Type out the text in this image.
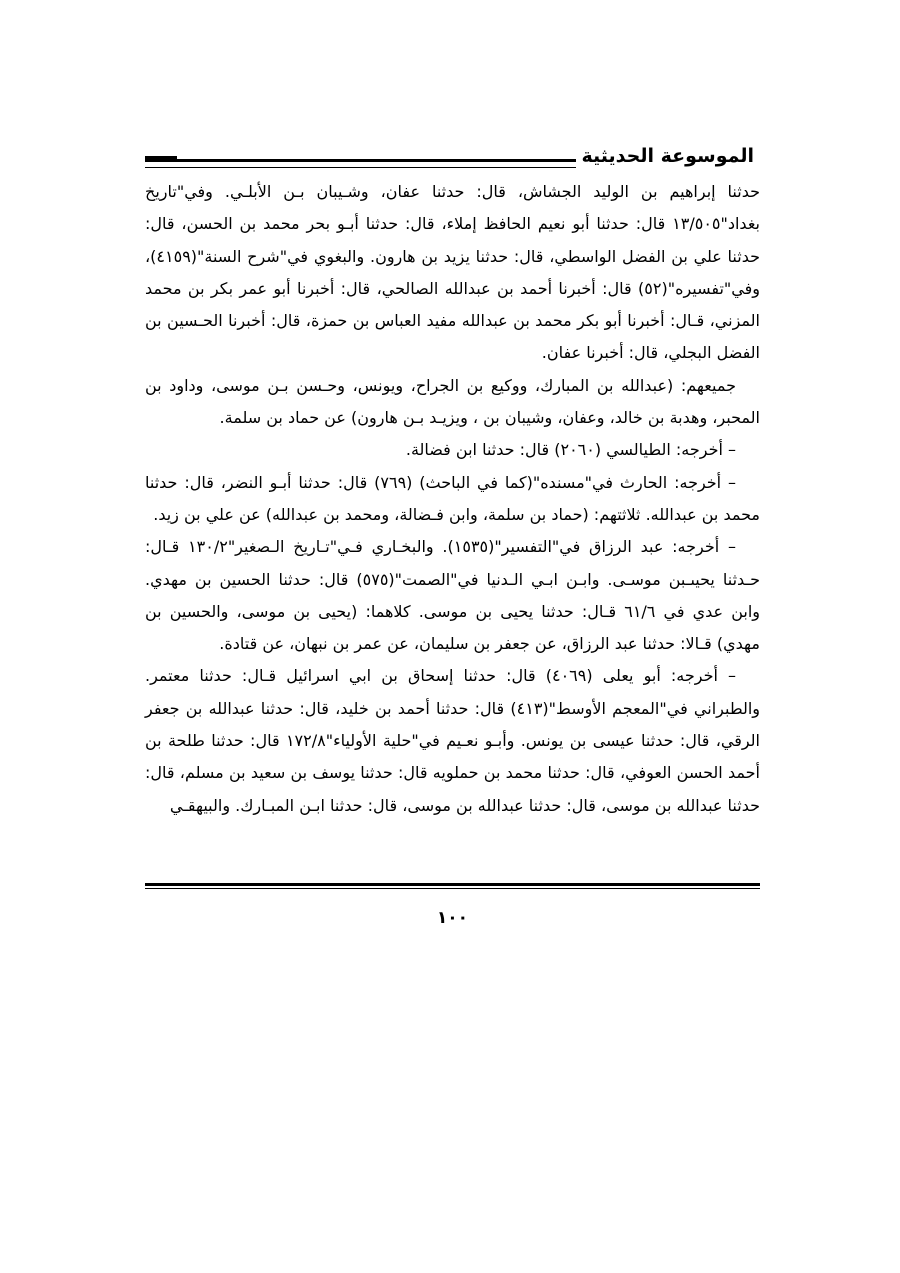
الموسوعة الحديثية

حدثنا إبراهيم بن الوليد الجشاش، قال: حدثنا عفان، وشـيبان بـن الأبلـي. وفي"تاريخ بغداد"١٣/٥٠٥ قال: حدثنا أبو نعيم الحافظ إملاء، قال: حدثنا أبـو بحر محمد بن الحسن، قال: حدثنا علي بن الفضل الواسطي، قال: حدثنا يزيد بن هارون. والبغوي في"شرح السنة"(٤١٥٩)، وفي"تفسيره"(٥٢) قال: أخبرنا أحمد بن عبدالله الصالحي، قال: أخبرنا أبو عمر بكر بن محمد المزني، قـال: أخبرنا أبو بكر محمد بن عبدالله مفيد العباس بن حمزة، قال: أخبرنا الحـسين بن الفضل البجلي، قال: أخبرنا عفان.

جميعهم: (عبدالله بن المبارك، ووكيع بن الجراح، ويونس، وحـسن بـن موسى، وداود بن المحبر، وهدبة بن خالد، وعفان، وشيبان بن ، ويزيـد بـن هارون) عن حماد بن سلمة.

– أخرجه: الطيالسي (٢٠٦٠) قال: حدثنا ابن فضالة.

– أخرجه: الحارث في"مسنده"(كما في الباحث) (٧٦٩) قال: حدثنا أبـو النضر، قال: حدثنا محمد بن عبدالله. ثلاثتهم: (حماد بن سلمة، وابن فـضالة، ومحمد بن عبدالله) عن علي بن زيد.

– أخرجه: عبد الرزاق في"التفسير"(١٥٣٥). والبخـاري فـي"تـاريخ الـصغير"١٣٠/٢ قـال: حـدثنا يحيىـبن موسـى. وابـن ابـي الـدنيا في"الصمت"(٥٧٥) قال: حدثنا الحسين بن مهدي. وابن عدي في ٦١/٦ قـال: حدثنا يحيى بن موسى. كلاهما: (يحيى بن موسى، والحسين بن مهدي) قـالا: حدثنا عبد الرزاق، عن جعفر بن سليمان، عن عمر بن نبهان، عن قتادة.

– أخرجه: أبو يعلى (٤٠٦٩) قال: حدثنا إسحاق بن ابي اسرائيل قـال: حدثنا معتمر. والطبراني في"المعجم الأوسط"(٤١٣) قال: حدثنا أحمد بن خليد، قال: حدثنا عبدالله بن جعفر الرقي، قال: حدثنا عيسى بن يونس. وأبـو نعـيم في"حلية الأولياء"١٧٢/٨ قال: حدثنا طلحة بن أحمد الحسن العوفي، قال: حدثنا محمد بن حملويه قال: حدثنا يوسف بن سعيد بن مسلم، قال: حدثنا عبدالله بن موسى، قال: حدثنا عبدالله بن موسى، قال: حدثنا ابـن المبـارك. والبيهقـي

١٠٠
